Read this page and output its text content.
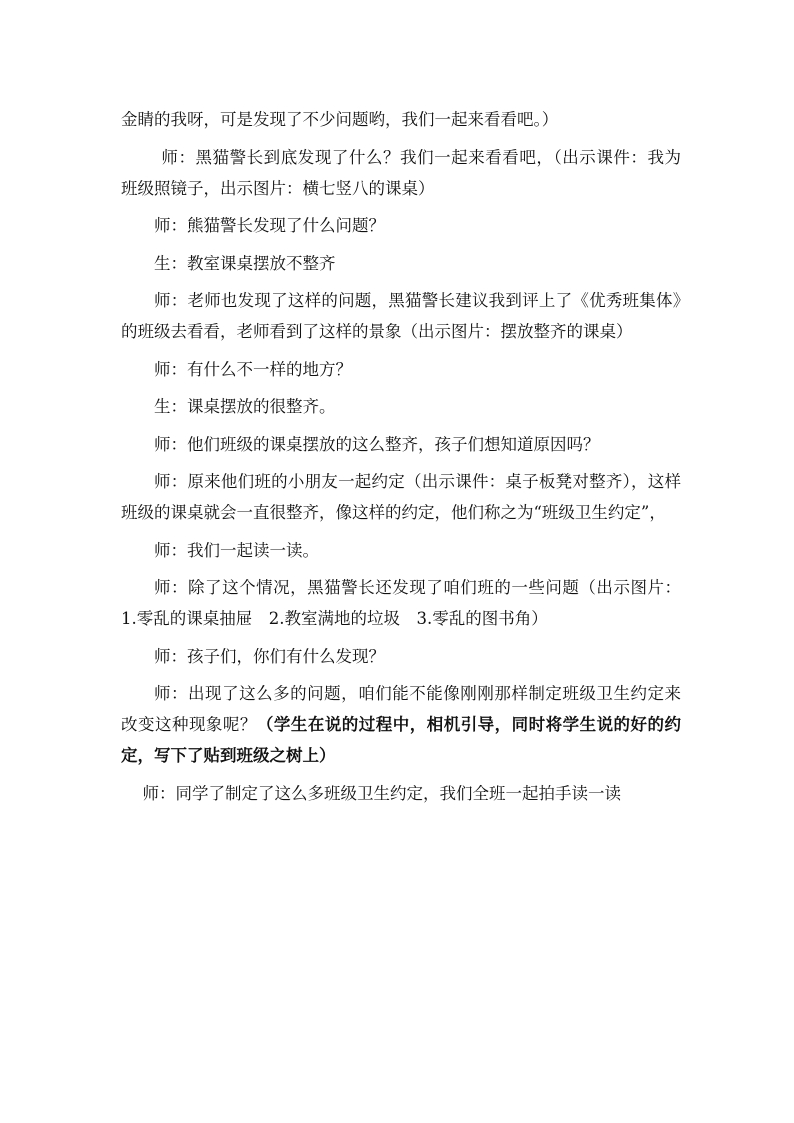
金睛的我呀，可是发现了不少问题哟，我们一起来看看吧。）

师：黑猫警长到底发现了什么？我们一起来看看吧，（出示课件：我为班级照镜子，出示图片：横七竖八的课桌）

师：熊猫警长发现了什么问题？

生：教室课桌摆放不整齐

师：老师也发现了这样的问题，黑猫警长建议我到评上了《优秀班集体》的班级去看看，老师看到了这样的景象（出示图片：摆放整齐的课桌）

师：有什么不一样的地方？

生：课桌摆放的很整齐。

师：他们班级的课桌摆放的这么整齐，孩子们想知道原因吗？

师：原来他们班的小朋友一起约定（出示课件：桌子板凳对整齐），这样班级的课桌就会一直很整齐，像这样的约定，他们称之为“班级卫生约定”，

师：我们一起读一读。

师：除了这个情况，黑猫警长还发现了咱们班的一些问题（出示图片：1.零乱的课桌抽屉　2.教室满地的垃圾　3.零乱的图书角）

师：孩子们，你们有什么发现？

师：出现了这么多的问题，咱们能不能像刚刚那样制定班级卫生约定来改变这种现象呢？（学生在说的过程中，相机引导，同时将学生说的好的约定，写下了贴到班级之树上）

师：同学了制定了这么多班级卫生约定，我们全班一起拍手读一读
